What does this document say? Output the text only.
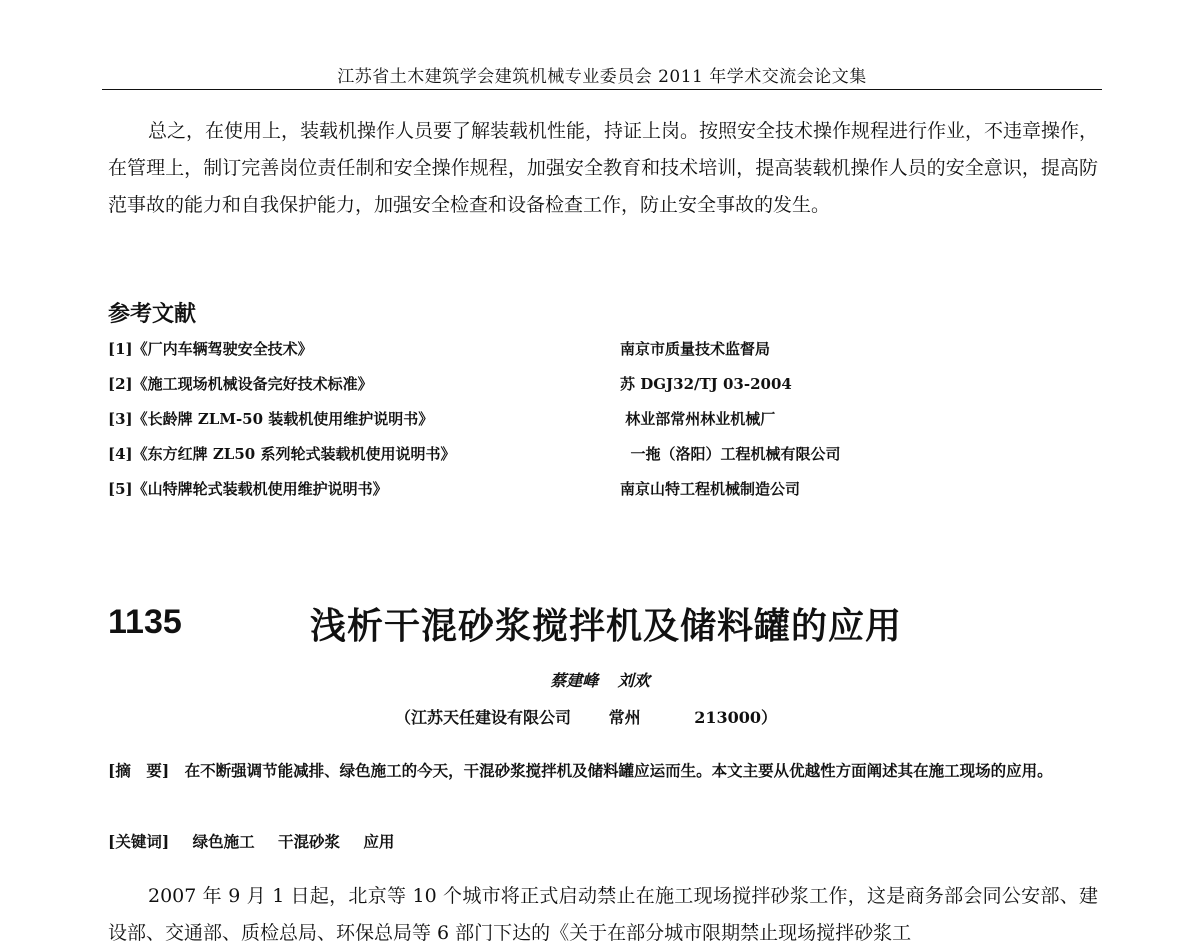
江苏省土木建筑学会建筑机械专业委员会 2011 年学术交流会论文集

总之，在使用上，装载机操作人员要了解装载机性能，持证上岗。按照安全技术操作规程进行作业，不违章操作，在管理上，制订完善岗位责任制和安全操作规程，加强安全教育和技术培训，提高装载机操作人员的安全意识，提高防范事故的能力和自我保护能力，加强安全检查和设备检查工作，防止安全事故的发生。

参考文献
[1]《厂内车辆驾驶安全技术》	南京市质量技术监督局
[2]《施工现场机械设备完好技术标准》	苏 DGJ32/TJ 03-2004
[3]《长龄牌 ZLM-50 装载机使用维护说明书》	林业部常州林业机械厂
[4]《东方红牌 ZL50 系列轮式装载机使用说明书》	一拖（洛阳）工程机械有限公司
[5]《山特牌轮式装载机使用维护说明书》	南京山特工程机械制造公司
1135	浅析干混砂浆搅拌机及储料罐的应用
蔡建峰 刘欢
（江苏天任建设有限公司 常州	213000）

[摘　要] 在不断强调节能减排、绿色施工的今天，干混砂浆搅拌机及储料罐应运而生。本文主要从优越性方面阐述其在施工现场的应用。

[关键词] 绿色施工 干混砂浆 应用

2007 年 9 月 1 日起，北京等 10 个城市将正式启动禁止在施工现场搅拌砂浆工作，这是商务部会同公安部、建设部、交通部、质检总局、环保总局等 6 部门下达的《关于在部分城市限期禁止现场搅拌砂浆工
